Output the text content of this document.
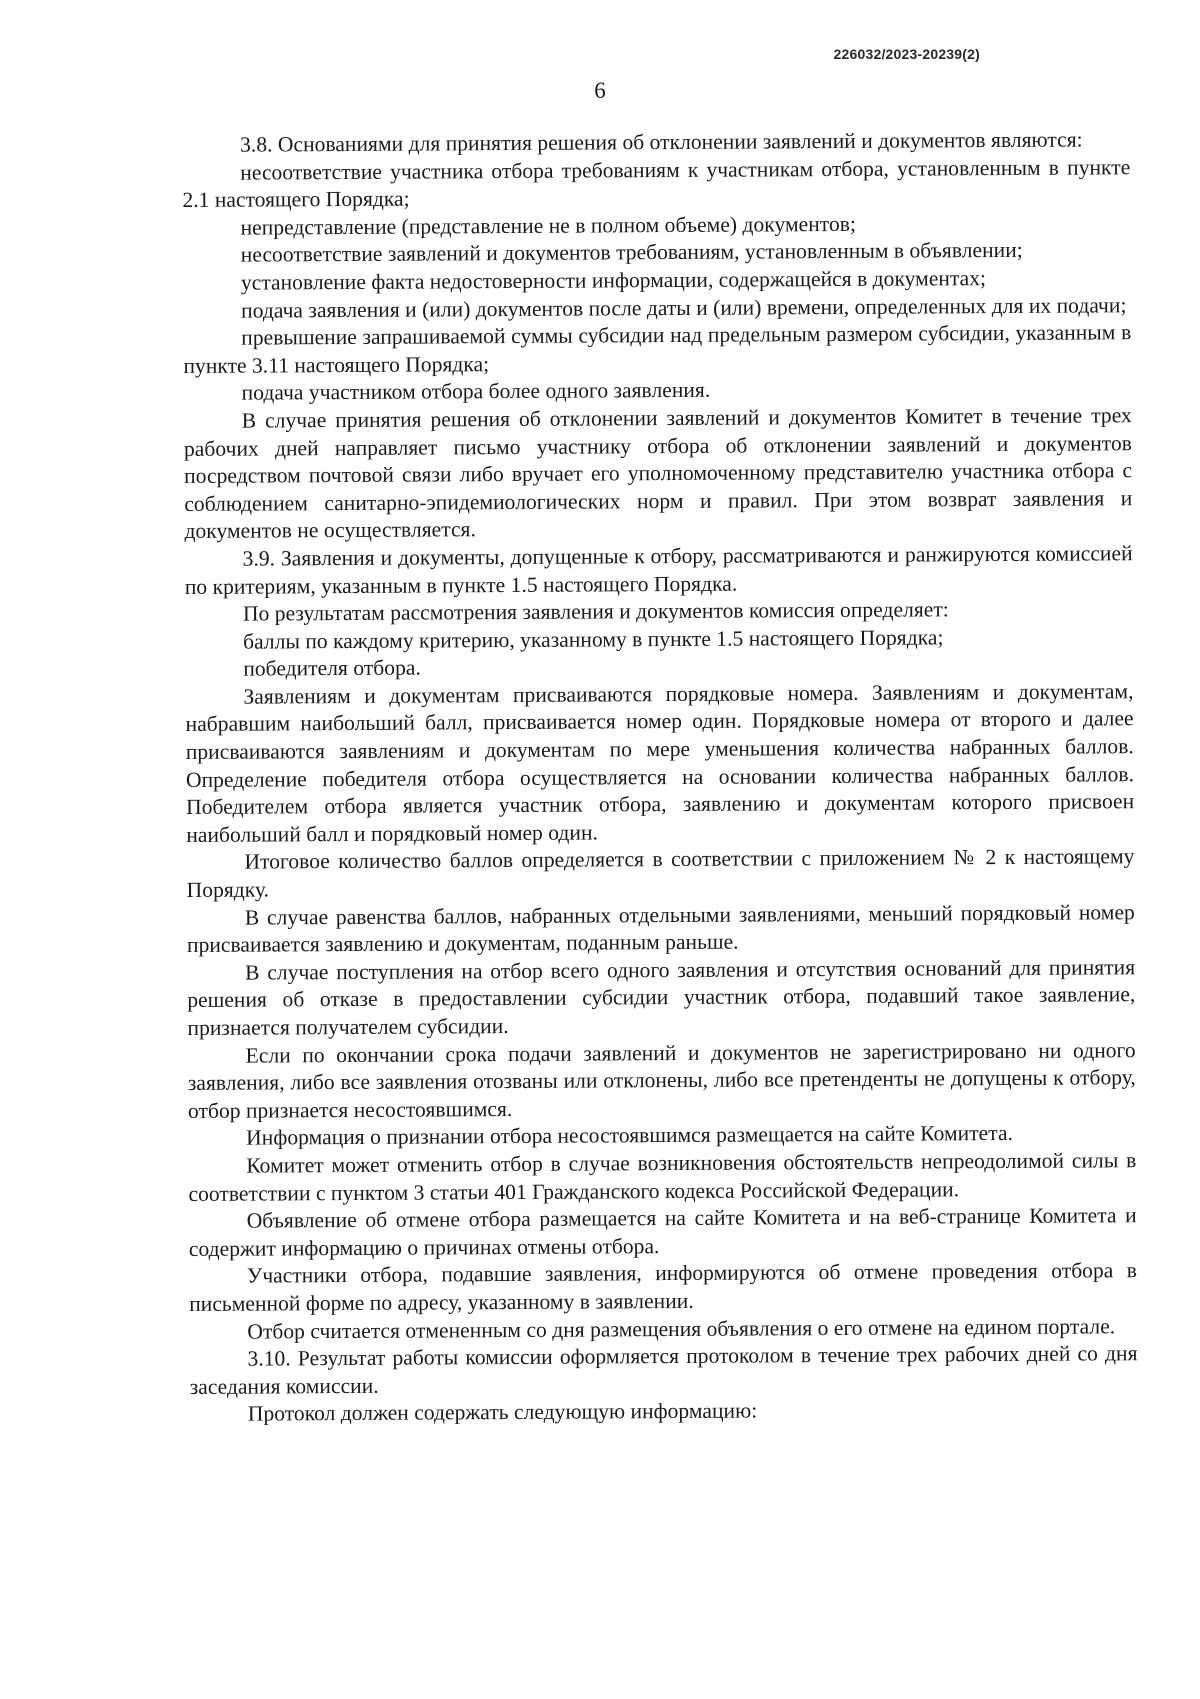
226032/2023-20239(2)
6

3.8. Основаниями для принятия решения об отклонении заявлений и документов являются:

несоответствие участника отбора требованиям к участникам отбора, установленным в пункте 2.1 настоящего Порядка;

непредставление (представление не в полном объеме) документов;

несоответствие заявлений и документов требованиям, установленным в объявлении;

установление факта недостоверности информации, содержащейся в документах;

подача заявления и (или) документов после даты и (или) времени, определенных для их подачи;

превышение запрашиваемой суммы субсидии над предельным размером субсидии, указанным в пункте 3.11 настоящего Порядка;

подача участником отбора более одного заявления.

В случае принятия решения об отклонении заявлений и документов Комитет в течение трех рабочих дней направляет письмо участнику отбора об отклонении заявлений и документов посредством почтовой связи либо вручает его уполномоченному представителю участника отбора с соблюдением санитарно-эпидемиологических норм и правил. При этом возврат заявления и документов не осуществляется.

3.9. Заявления и документы, допущенные к отбору, рассматриваются и ранжируются комиссией по критериям, указанным в пункте 1.5 настоящего Порядка.

По результатам рассмотрения заявления и документов комиссия определяет:

баллы по каждому критерию, указанному в пункте 1.5 настоящего Порядка;

победителя отбора.

Заявлениям и документам присваиваются порядковые номера. Заявлениям и документам, набравшим наибольший балл, присваивается номер один. Порядковые номера от второго и далее присваиваются заявлениям и документам по мере уменьшения количества набранных баллов. Определение победителя отбора осуществляется на основании количества набранных баллов. Победителем отбора является участник отбора, заявлению и документам которого присвоен наибольший балл и порядковый номер один.

Итоговое количество баллов определяется в соответствии с приложением № 2 к настоящему Порядку.

В случае равенства баллов, набранных отдельными заявлениями, меньший порядковый номер присваивается заявлению и документам, поданным раньше.

В случае поступления на отбор всего одного заявления и отсутствия оснований для принятия решения об отказе в предоставлении субсидии участник отбора, подавший такое заявление, признается получателем субсидии.

Если по окончании срока подачи заявлений и документов не зарегистрировано ни одного заявления, либо все заявления отозваны или отклонены, либо все претенденты не допущены к отбору, отбор признается несостоявшимся.

Информация о признании отбора несостоявшимся размещается на сайте Комитета.

Комитет может отменить отбор в случае возникновения обстоятельств непреодолимой силы в соответствии с пунктом 3 статьи 401 Гражданского кодекса Российской Федерации.

Объявление об отмене отбора размещается на сайте Комитета и на веб-странице Комитета и содержит информацию о причинах отмены отбора.

Участники отбора, подавшие заявления, информируются об отмене проведения отбора в письменной форме по адресу, указанному в заявлении.

Отбор считается отмененным со дня размещения объявления о его отмене на едином портале.

3.10. Результат работы комиссии оформляется протоколом в течение трех рабочих дней со дня заседания комиссии.

Протокол должен содержать следующую информацию:
